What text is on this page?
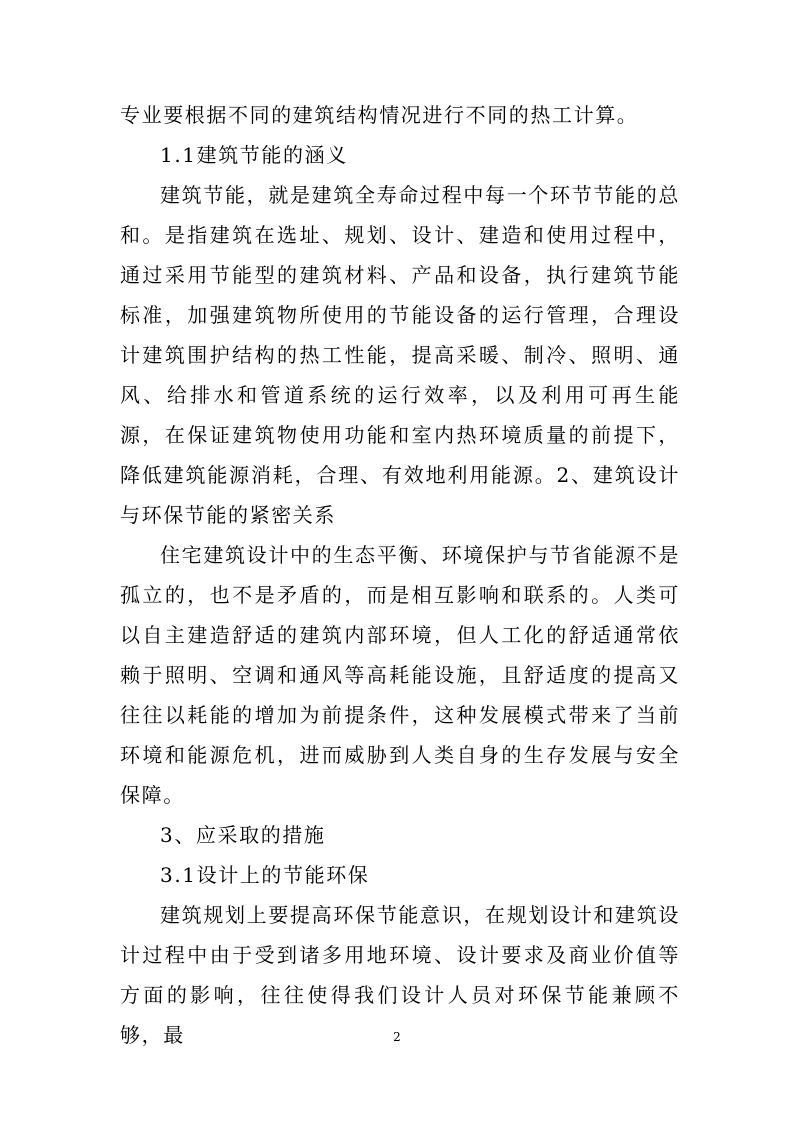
专业要根据不同的建筑结构情况进行不同的热工计算。

1.1建筑节能的涵义

建筑节能，就是建筑全寿命过程中每一个环节节能的总和。是指建筑在选址、规划、设计、建造和使用过程中，通过采用节能型的建筑材料、产品和设备，执行建筑节能标准，加强建筑物所使用的节能设备的运行管理，合理设计建筑围护结构的热工性能，提高采暖、制冷、照明、通风、给排水和管道系统的运行效率，以及利用可再生能源，在保证建筑物使用功能和室内热环境质量的前提下，降低建筑能源消耗，合理、有效地利用能源。2、建筑设计与环保节能的紧密关系

住宅建筑设计中的生态平衡、环境保护与节省能源不是孤立的，也不是矛盾的，而是相互影响和联系的。人类可以自主建造舒适的建筑内部环境，但人工化的舒适通常依赖于照明、空调和通风等高耗能设施，且舒适度的提高又往往以耗能的增加为前提条件，这种发展模式带来了当前环境和能源危机，进而威胁到人类自身的生存发展与安全保障。

3、应采取的措施

3.1设计上的节能环保

建筑规划上要提高环保节能意识，在规划设计和建筑设计过程中由于受到诸多用地环境、设计要求及商业价值等方面的影响，往往使得我们设计人员对环保节能兼顾不够，最	2
